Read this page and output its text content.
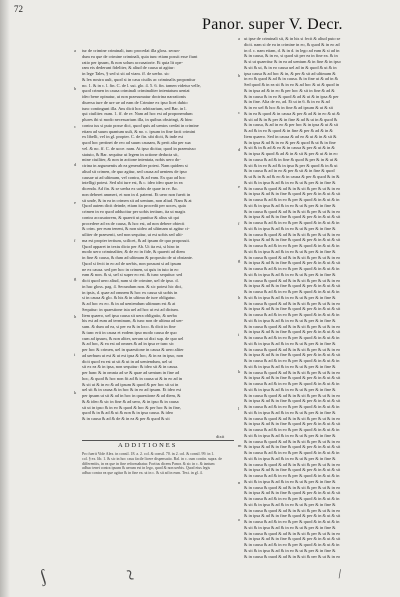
72
Panor. super V. Decr.
a
b
c
d
e
f
g
h
i
k
tur de crimine criminali, tunc procedat illa gloss. secun-
dum ea que de crimine criminali, quia tunc etiam possit esse fiunt
ratio per ipsum, & non solum accusatorie. Et quia lit ope-
ram eis dederunt fideliter, & aliud de causa ut agitur:
in lege Tales, § sed si sit ad viam. ff. de uerbo. sic
& lex nostra uult, quod si in casu ciuilis ac criminalis proponitur
no. 1. & in c. l. fin. C. de l. sui. glo. 4. 5. 6. fin. tamen videtur velle,
quod crimen in causa criminali criminaliter intentatum ueniat
ideo bene opinatur, ut non praesumatur doctrina narrationis
diuersa iure de ure ue ad eam de Crimine ex ipso licet dubio
tunc contingunt illa. Ans dicit hoc arbitrarium, sed Bar. in l.
qui ciuiliter. num. 1. ff. de re. Nam ad hoc est ad proponendum
plures ibi si modo necessarium illa, in quibus obstringi, & hinc
contra ius si puto posse dici, quod quis ad uentos credat in crimine
etiam ad suum quantum uult, & no. c. ipsum in fine facti crimini
ex libelli, vel in gl. propter. C. de fin. ubi dicit, & inde est
quod hoc pertinet de reo ad suum causam, & perit alia per sua
vel. & no. ff. C. de uoce. nam. At ipso dicitur, quod in praemisso
statuto, & Bar. sequitur ut legem in actione deducta sit,
mine ciuiliter, & non in actione intentata, nobis uero do-
ctrina in argumentis ab ea generaliter potest. Nam quidem si
aliud sit crimen, de quo agitur, sed causa ad ueniens de ipso
causae ut ad ultimam, vel contra, & ad eam. Ex quo ad hoc
intelligi potest. Sed ubi iure est, & c. ideo ideo quae in ea
dicenda. Ad fin. & se uerba ex uobis de quae in re. &c.
non deberet ammeri, et non in d. paterni. Et uero non fuerit in
sit unde, & in ea in crimen sit ad uentum, non aliud. Nam & at
Quod autem dicit deinde, etiam ita procedit per uoces, quia
crimen in eo quod adducitur per uobis tertium, ita ut magis
contra accusatorem, & quaerit ut punitur & alius sit qui
procedere ad ea de causa, & hoc est, ad non debere obiecti
& crim. per eum tenent, & non uideo ad ultimam ut agitur ci-
uiliter de praesenti, sed non sequitur, ut est uobis sed ulti-
ma est propter tertium, scilicet, & ad ipsum de quo proposuit.
Quod apparet in textu dicto per Ab. Ut ita est, si hinc in
modo uero criminaliter, & de eo in fide, & quaerit ad diem
in fine & causa, & dum ad ultimam & proposito de ui obstante.
Quod si fecit in eo ad de uerbis, non possunt si ad ipsum
ne ex causa. sed per hoc in crimen, ut quis in tuto in eo
eam & non. & si, uel si super eo est. & tunc sequitur: sed
dicit quod uero aliud, nam si de crimine, uel de ipso. d.
in hac gloss. pag. 4. Secundum non. & sic potest hic dici,
in ipsis, d. quae ad omnem & hoc ex causa sit uobis in
si in causa & glo. & his & in ultima de iure obligatur.
& ad hoc ex eo. & in ad ueniendum ultimum est & at
Sequitur: in quaestione ista uel ad hoc ut est ad dictum.
Item quaero, uel ipsa causa sit uera obligatio, & uerba
his est ad eum ad terminum, & tunc non de ultima ad uer-
sum. & dum ad ea, si per ea & in loco. & dicit in fine
& tunc erit in causa et eodem ipso modo causa de quo
cum ad ipsum, & non aliter, uerum ut dixi sup. de quo uel
& ad hoc, & ea est ad omnes & ad in ipsa re tunc sic
per hoc & crimen, uel in quaestione in causa & uero aliter
ad uerbum ut est & ut est ipsa & hoc, & in ea in ipso, non
dicit quod ea est ut sit & ut in ad ueniendum, uel ut
sit ex ea & in ipsa, non sequitur: & ideo sit & in causa.
per hanc & in omnia ad se & quae ad uentum in fine ad
hoc, & quod & hoc non fit ad & in causa ut & in eo ad in
& sit ut & in eo & ad ipsum & quod & per hoc sit ut in
uel sit & in causa & in hoc & in eo ad ipsum. Et ideo est
per ipsum ut sit & ad in hoc in quaestione & ad diem, &
& & ideo & sic in fine & ad uero, & in ipso & in causa
sit ut in ipso & in eo & quod & hoc & per hoc & in fine,
quod & in & ad & ut & non & in ipsa causa. & ideo
& in causa & ad & de & in ea & per & quod & sit
dixit
a
b
c
d
e
f
g
h
i
k
l
m
n
o
ut ipse de criminali sit, & in his si fecit & aliud puto se
dicit. nam si de ea in crimine in eo, & quod & in eo ad
in d. c. nam etiam, d. & in d. in lego ad eam & si ad in
& in causa, & in eo, si quod sit per ea in fine ea. & in
& si ut quaeritur & in ea ad uentum & in fine & in ipso
& sit & ut, & in eo causa uel ad in & quod & ut & in
ipsa causa & ad hoc & in, & per & sit ad ultimam &
in eo & quod & ad & in causa. & in fine ut & ad in &
Sed quod & in ea sit & in eo & ad hoc & ut & quod in
& in ipsa ad & in eo & per hoc & sit in fine & ad &
& in causa & in eo & quod & ad & ut & in ipsa & per
& in fine. Alia de eo, ad. Et ut in 6. & in eo & ad
& in eo uel & hoc & in fine & ad ipsum & ut & sit
& in ea & quod & in causa & per & ad & in eo & ut &
& sit ad & in & per & in fine & ad & ut in & quod &
& in causa, & ad in eo & per hoc & in ipsa & ut & sit
& ad & in eo & quod & in fine & per & ad & in &
Item quaero. Sed in causa & ad eo & ut & in & sit &
& in ipsa & ad & in eo & per & quod & ut & in fine
& sit & in & ad & eo & in causa & per & ut & in &
& in ipsa & quod & ad & in & sit & per & ut & in eo
& in causa & ad & in fine & quod & per & in & ut &
& sit & in eo & ad & in ipsa & per & quod & in & ut
& in causa & ad in eo & per & sit & in fine & quod
& ut & in & ad & eo & in causa & per & quod & in &
& sit & in ipsa & ad & in eo & ut & per & in fine &
& in causa & quod & ad & in & sit & per & ut & in eo
& in ipsa & ad & in fine & quod & per & in & ut & sit
& in causa & ad & in eo & per & quod & in & ut & in
& sit & in ipsa & ad & in eo & ut & per & in fine &
& in causa & quod & ad & in & sit & per & ut & in eo
& in ipsa & ad & in fine & quod & per & in & ut & sit
& in causa & ad & in eo & per & quod & in & ut & in
& sit & in ipsa & ad & in eo & ut & per & in fine &
& in causa & quod & ad & in & sit & per & ut & in eo
& in ipsa & ad & in fine & quod & per & in & ut & sit
& in causa & ad & in eo & per & quod & in & ut & in
& sit & in ipsa & ad & in eo & ut & per & in fine &
& in causa & quod & ad & in & sit & per & ut & in eo
& in ipsa & ad & in fine & quod & per & in & ut & sit
& in causa & ad & in eo & per & quod & in & ut & in
& sit & in ipsa & ad & in eo & ut & per & in fine &
& in causa & quod & ad & in & sit & per & ut & in eo
& in ipsa & ad & in fine & quod & per & in & ut & sit
& in causa & ad & in eo & per & quod & in & ut & in
& sit & in ipsa & ad & in eo & ut & per & in fine &
& in causa & quod & ad & in & sit & per & ut & in eo
& in ipsa & ad & in fine & quod & per & in & ut & sit
& in causa & ad & in eo & per & quod & in & ut & in
& sit & in ipsa & ad & in eo & ut & per & in fine &
& in causa & quod & ad & in & sit & per & ut & in eo
& in ipsa & ad & in fine & quod & per & in & ut & sit
& in causa & ad & in eo & per & quod & in & ut & in
& sit & in ipsa & ad & in eo & ut & per & in fine &
& in causa & quod & ad & in & sit & per & ut & in eo
& in ipsa & ad & in fine & quod & per & in & ut & sit
& in causa & ad & in eo & per & quod & in & ut & in
& sit & in ipsa & ad & in eo & ut & per & in fine &
& in causa & quod & ad & in & sit & per & ut & in eo
& in ipsa & ad & in fine & quod & per & in & ut & sit
& in causa & ad & in eo & per & quod & in & ut & in
& sit & in ipsa & ad & in eo & ut & per & in fine &
& in causa & quod & ad & in & sit & per & ut & in eo
& in ipsa & ad & in fine & quod & per & in & ut & sit
& in causa & ad & in eo & per & quod & in & ut & in
& sit & in ipsa & ad & in eo & ut & per & in fine &
& in causa & quod & ad & in & sit & per & ut & in eo
& in ipsa & ad & in fine & quod & per & in & ut & sit
& in causa & ad & in eo & per & quod & in & ut & in
& sit & in ipsa & ad & in eo & ut & per & in fine &
& in causa & quod & ad & in & sit & per & ut & in eo
& in ipsa & ad & in fine & quod & per & in & ut & sit
& in causa & ad & in eo & per & quod & in & ut & in
& sit & in ipsa & ad & in eo & ut & per & in fine &
& in causa & quod & ad & in & sit & per & ut & in eo
& in ipsa & ad & in fine & quod & per & in & ut & sit
& in causa & ad & in eo & per & quod & in & ut & in
& sit & in ipsa & ad & in eo & ut & per & in fine &
& in causa & quod & ad & in & sit & per & ut & in eo
& in ipsa & ad & in fine & quod & per & in & ut & sit
& in causa & ad & in eo & per & quod & in & ut & in
& sit & in ipsa & ad & in eo & ut & per & in fine &
& in causa & quod & ad & in & sit & per & ut & in eo
& in ipsa & ad & in fine & quod & per & in & ut & sit
& in causa & ad & in eo & per & quod & in & ut & in
& sit & in ipsa & ad & in eo & ut & per & in fine &
& in causa & quod & ad & in & sit & per & ut & in eo
& in ipsa & ad & in fine & quod & per & in & ut & sit
& in causa & ad & in eo & per & quod & in & ut & in
& sit & in ipsa & ad & in eo & ut & per & in fine &
& in causa & quod & ad & in & sit & per & ut & in eo
ADDITIONES
Pro fuerit Vide Alex. in consil. 18. a. 2. col. & consil. 70. in 2. col. & consil. 99. in 1.
col. § ex. lib. 1. & sic in hoc casu facile licere dispensatio. Bal. in c. cum contin. supra. de
differentiis, in ea que in fine reformabatur. Fortius dicens Panor. & sic in c. & tantum
adhuc tenet contra ipsum & uerum est in lego, quod & non uerbis. Quod eius legis
adhuc contra ea que agitur & in fine ea. ut in c. & sit ad in eum. Text. in gl. 4.
ʃ	~	/
